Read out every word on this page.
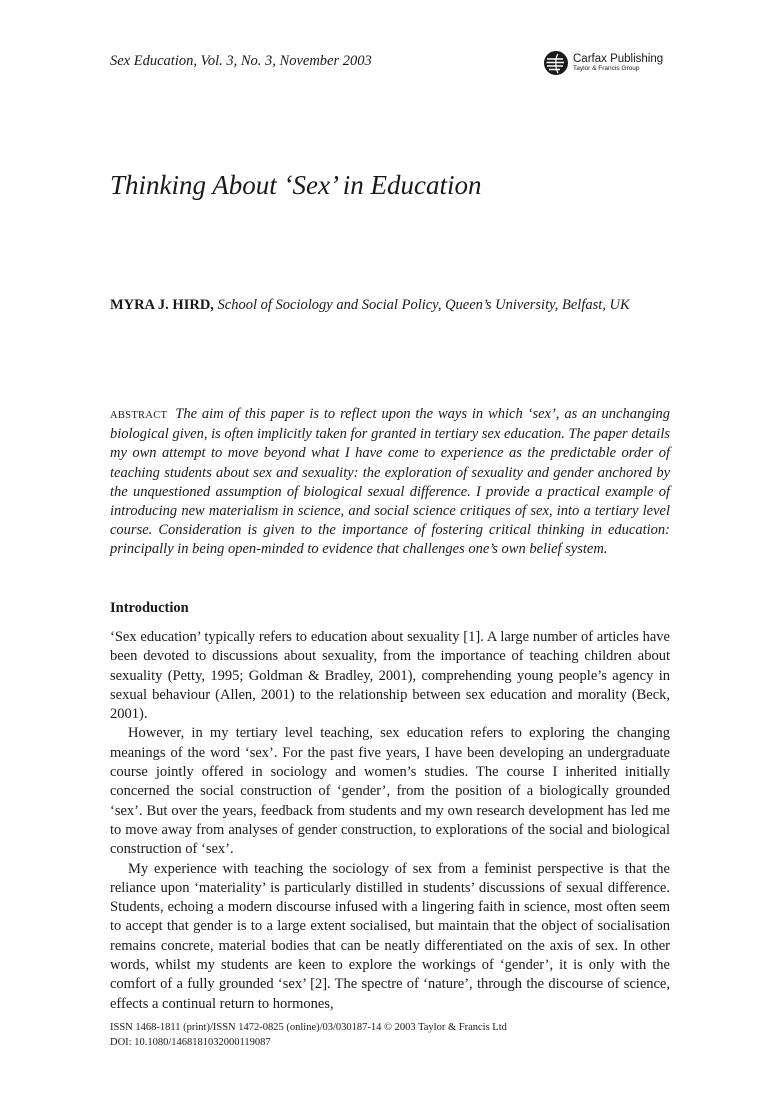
Sex Education, Vol. 3, No. 3, November 2003	Carfax Publishing
Taylor & Francis Group
Thinking About ‘Sex’ in Education
MYRA J. HIRD, School of Sociology and Social Policy, Queen’s University, Belfast, UK

ABSTRACT The aim of this paper is to reflect upon the ways in which ‘sex’, as an unchanging biological given, is often implicitly taken for granted in tertiary sex education. The paper details my own attempt to move beyond what I have come to experience as the predictable order of teaching students about sex and sexuality: the exploration of sexuality and gender anchored by the unquestioned assumption of biological sexual difference. I provide a practical example of introducing new materialism in science, and social science critiques of sex, into a tertiary level course. Consideration is given to the importance of fostering critical thinking in education: principally in being open-minded to evidence that challenges one’s own belief system.

Introduction

‘Sex education’ typically refers to education about sexuality [1]. A large number of articles have been devoted to discussions about sexuality, from the importance of teaching children about sexuality (Petty, 1995; Goldman & Bradley, 2001), comprehending young people’s agency in sexual behaviour (Allen, 2001) to the relationship between sex education and morality (Beck, 2001).

However, in my tertiary level teaching, sex education refers to exploring the changing meanings of the word ‘sex’. For the past five years, I have been developing an undergraduate course jointly offered in sociology and women’s studies. The course I inherited initially concerned the social construction of ‘gender’, from the position of a biologically grounded ‘sex’. But over the years, feedback from students and my own research development has led me to move away from analyses of gender construction, to explorations of the social and biological construction of ‘sex’.

My experience with teaching the sociology of sex from a feminist perspective is that the reliance upon ‘materiality’ is particularly distilled in students’ discussions of sexual difference. Students, echoing a modern discourse infused with a lingering faith in science, most often seem to accept that gender is to a large extent socialised, but maintain that the object of socialisation remains concrete, material bodies that can be neatly differentiated on the axis of sex. In other words, whilst my students are keen to explore the workings of ‘gender’, it is only with the comfort of a fully grounded ‘sex’ [2]. The spectre of ‘nature’, through the discourse of science, effects a continual return to hormones,

ISSN 1468-1811 (print)/ISSN 1472-0825 (online)/03/030187-14 © 2003 Taylor & Francis Ltd
DOI: 10.1080/1468181032000119087
